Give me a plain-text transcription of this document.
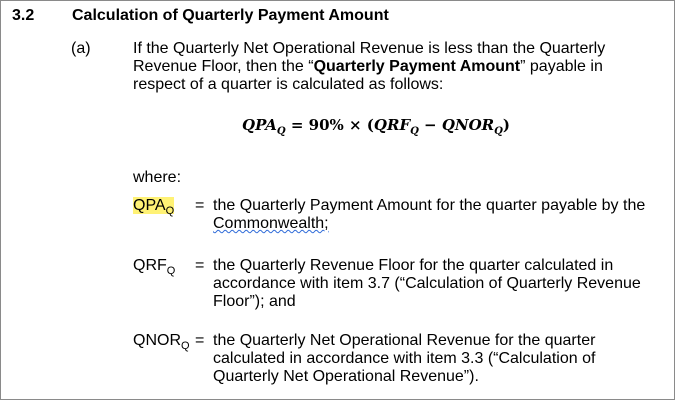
3.2 Calculation of Quarterly Payment Amount
(a)	If the Quarterly Net Operational Revenue is less than the Quarterly
Revenue Floor, then the “Quarterly Payment Amount” payable in
respect of a quarter is calculated as follows:
$QPA_Q = 90\% \times (QRF_Q$ − $QNOR_Q$)
where:
$QPA_Q$ = the Quarterly Payment Amount for the quarter payable by the
Commonwealth;
$QRF_Q$ = the Quarterly Revenue Floor for the quarter calculated in
accordance with item 3.7 (“Calculation of Quarterly Revenue
Floor”); and
$QNOR_Q$ = the Quarterly Net Operational Revenue for the quarter
calculated in accordance with item 3.3 (“Calculation of
Quarterly Net Operational Revenue”).
